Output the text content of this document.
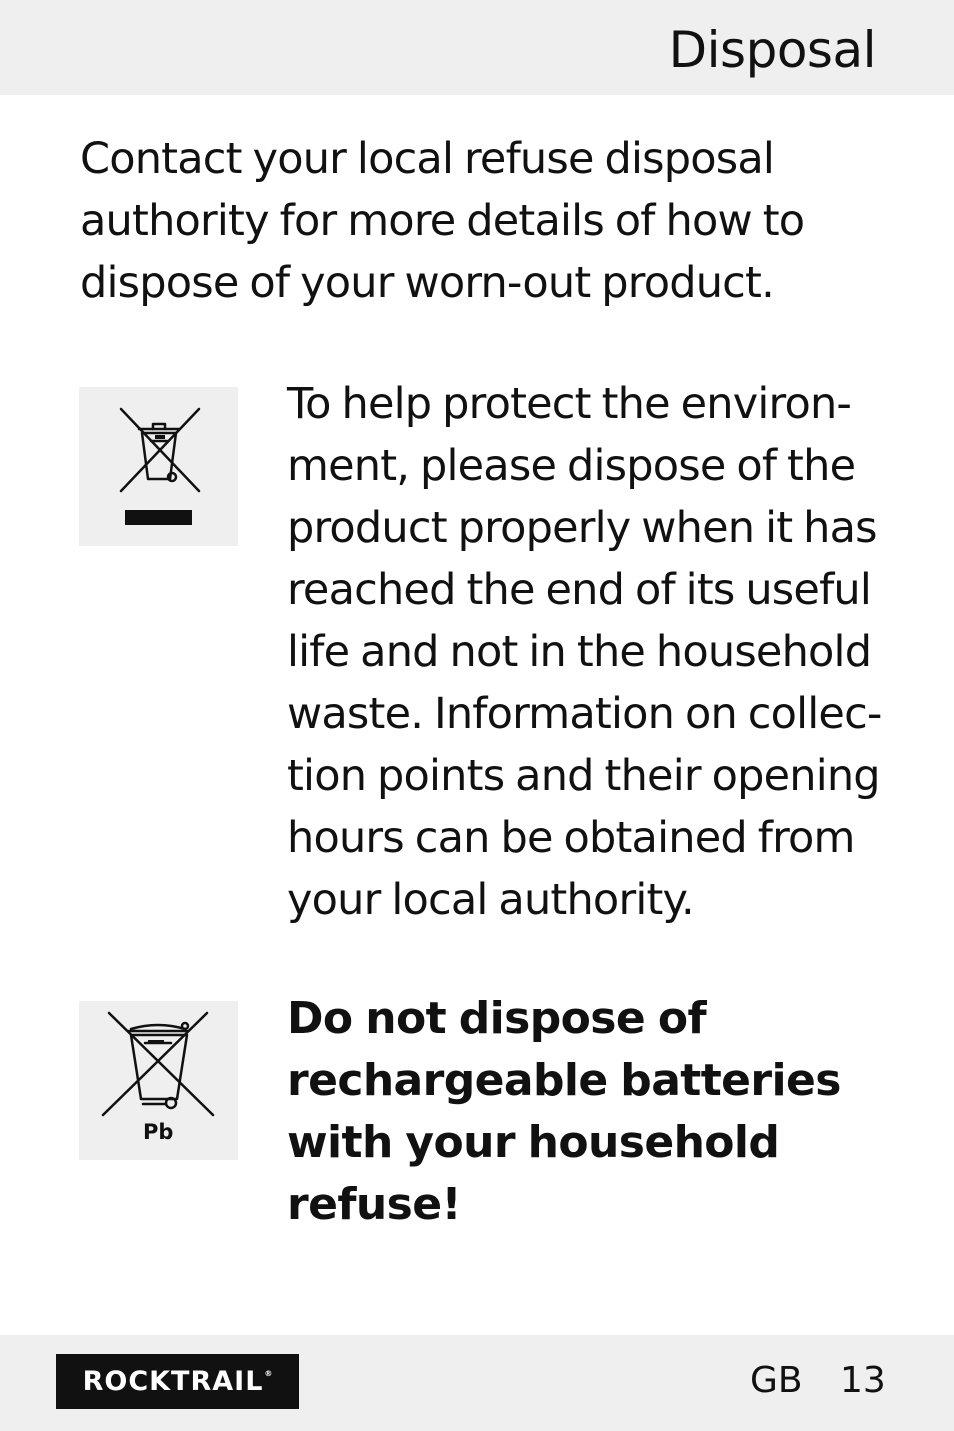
Disposal

Contact your local refuse disposal authority for more details of how to dispose of your worn-out product.

To help protect the environ-
ment, please dispose of the
product properly when it has
reached the end of its useful
life and not in the household
waste. Information on collec-
tion points and their opening
hours can be obtained from
your local authority.

Pb

Do not dispose of
rechargeable batteries
with your household
refuse!

ROCKTRAIL®	GB 13
